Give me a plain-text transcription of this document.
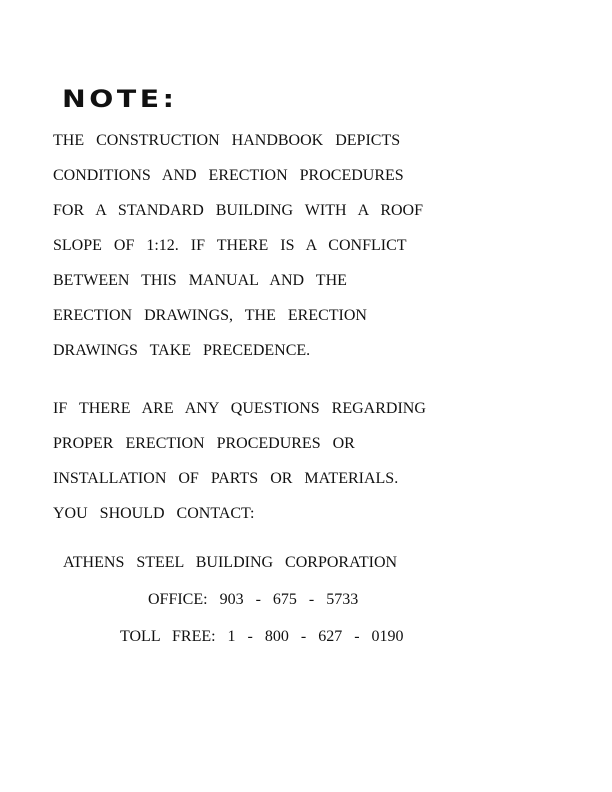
NOTE:
THE CONSTRUCTION HANDBOOK DEPICTS
CONDITIONS AND ERECTION PROCEDURES
FOR A STANDARD BUILDING WITH A ROOF
SLOPE OF 1:12. IF THERE IS A CONFLICT
BETWEEN THIS MANUAL AND THE
ERECTION DRAWINGS, THE ERECTION
DRAWINGS TAKE PRECEDENCE.
IF THERE ARE ANY QUESTIONS REGARDING
PROPER ERECTION PROCEDURES OR
INSTALLATION OF PARTS OR MATERIALS.
YOU SHOULD CONTACT:
ATHENS STEEL BUILDING CORPORATION
OFFICE: 903 - 675 - 5733
TOLL FREE: 1 - 800 - 627 - 0190
